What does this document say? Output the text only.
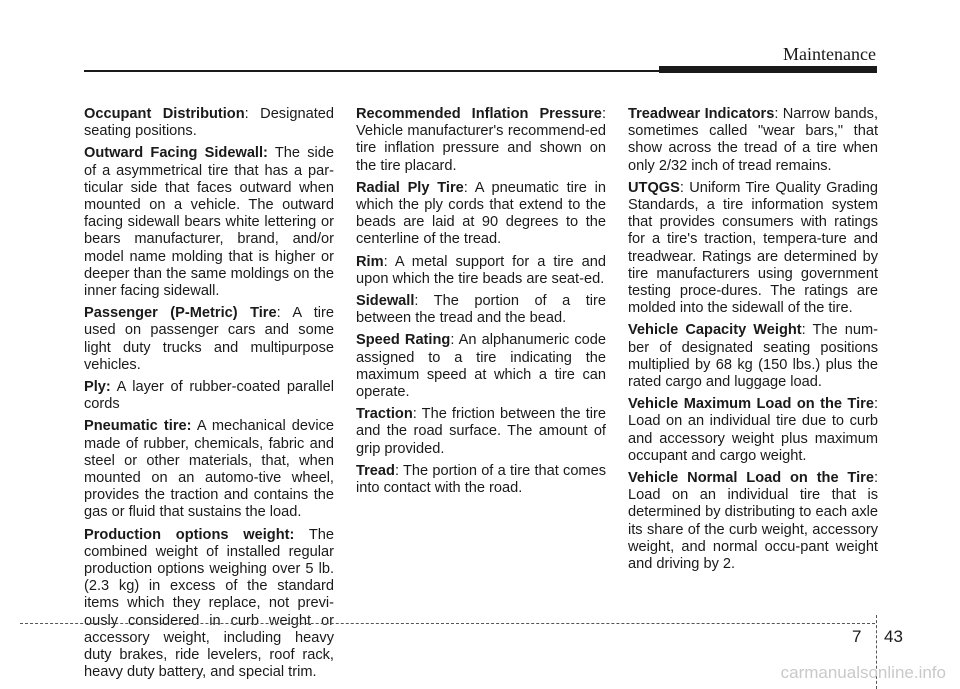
Maintenance

Occupant Distribution: Designated seating positions.

Outward Facing Sidewall: The side of a asymmetrical tire that has a par-ticular side that faces outward when mounted on a vehicle. The outward facing sidewall bears white lettering or bears manufacturer, brand, and/or model name molding that is higher or deeper than the same moldings on the inner facing sidewall.

Passenger (P-Metric) Tire: A tire used on passenger cars and some light duty trucks and multipurpose vehicles.

Ply: A layer of rubber-coated parallel cords

Pneumatic tire: A mechanical device made of rubber, chemicals, fabric and steel or other materials, that, when mounted on an automo-tive wheel, provides the traction and contains the gas or fluid that sustains the load.

Production options weight: The combined weight of installed regular production options weighing over 5 lb.(2.3 kg) in excess of the standard items which they replace, not previ-ously considered in curb weight or accessory weight, including heavy duty brakes, ride levelers, roof rack, heavy duty battery, and special trim.

Recommended Inflation Pressure: Vehicle manufacturer's recommend-ed tire inflation pressure and shown on the tire placard.

Radial Ply Tire: A pneumatic tire in which the ply cords that extend to the beads are laid at 90 degrees to the centerline of the tread.

Rim: A metal support for a tire and upon which the tire beads are seat-ed.

Sidewall: The portion of a tire between the tread and the bead.

Speed Rating: An alphanumeric code assigned to a tire indicating the maximum speed at which a tire can operate.

Traction: The friction between the tire and the road surface. The amount of grip provided.

Tread: The portion of a tire that comes into contact with the road.

Treadwear Indicators: Narrow bands, sometimes called "wear bars," that show across the tread of a tire when only 2/32 inch of tread remains.

UTQGS: Uniform Tire Quality Grading Standards, a tire information system that provides consumers with ratings for a tire's traction, tempera-ture and treadwear. Ratings are determined by tire manufacturers using government testing proce-dures. The ratings are molded into the sidewall of the tire.

Vehicle Capacity Weight: The num-ber of designated seating positions multiplied by 68 kg (150 lbs.) plus the rated cargo and luggage load.

Vehicle Maximum Load on the Tire: Load on an individual tire due to curb and accessory weight plus maximum occupant and cargo weight.

Vehicle Normal Load on the Tire: Load on an individual tire that is determined by distributing to each axle its share of the curb weight, accessory weight, and normal occu-pant weight and driving by 2.

7 43
carmanualsonline.info
